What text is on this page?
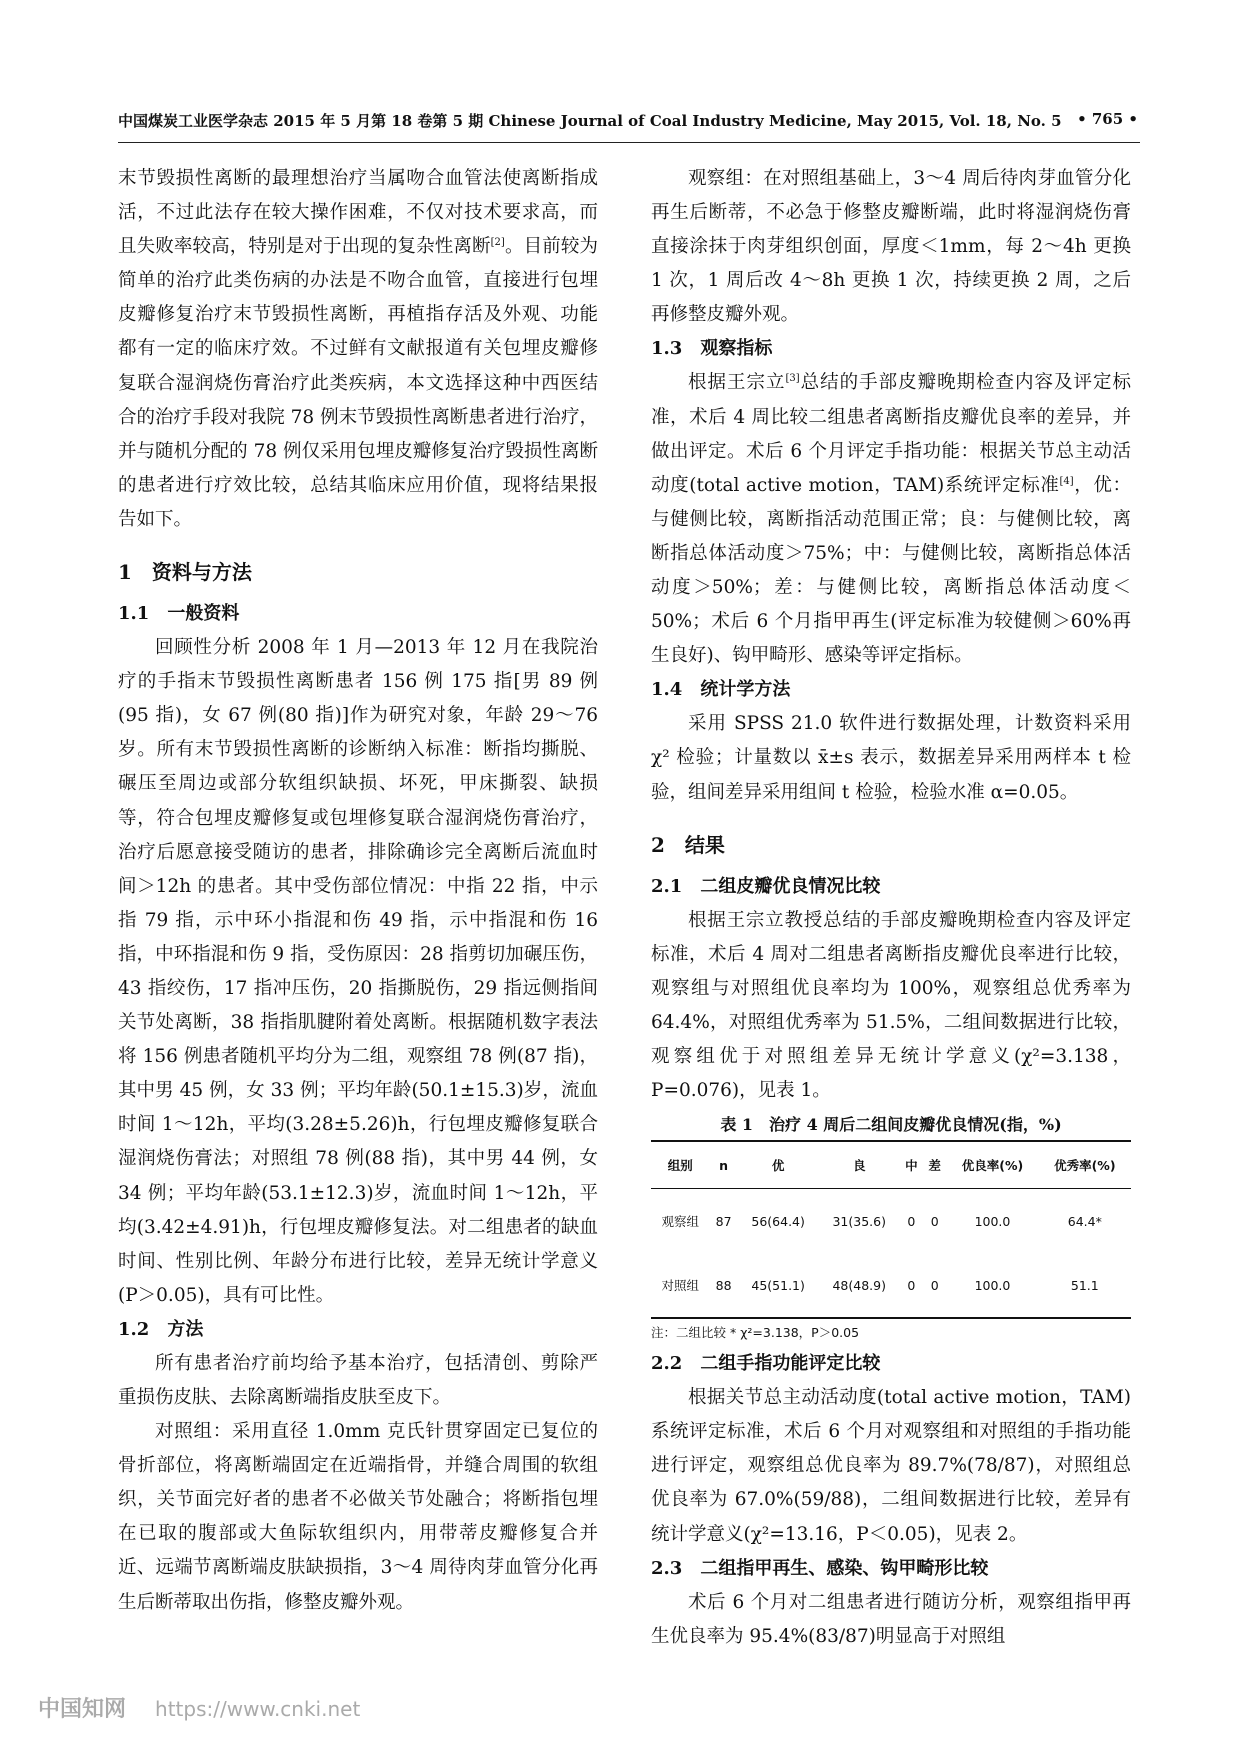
中国煤炭工业医学杂志 2015 年 5 月第 18 卷第 5 期 Chinese Journal of Coal Industry Medicine, May 2015, Vol. 18, No. 5 • 765 •

末节毁损性离断的最理想治疗当属吻合血管法使离断指成活，不过此法存在较大操作困难，不仅对技术要求高，而且失败率较高，特别是对于出现的复杂性离断[2]。目前较为简单的治疗此类伤病的办法是不吻合血管，直接进行包埋皮瓣修复治疗末节毁损性离断，再植指存活及外观、功能都有一定的临床疗效。不过鲜有文献报道有关包埋皮瓣修复联合湿润烧伤膏治疗此类疾病，本文选择这种中西医结合的治疗手段对我院 78 例末节毁损性离断患者进行治疗，并与随机分配的 78 例仅采用包埋皮瓣修复治疗毁损性离断的患者进行疗效比较，总结其临床应用价值，现将结果报告如下。

1　资料与方法
1.1　一般资料

回顾性分析 2008 年 1 月—2013 年 12 月在我院治疗的手指末节毁损性离断患者 156 例 175 指[男 89 例(95 指)，女 67 例(80 指)]作为研究对象，年龄 29～76 岁。所有末节毁损性离断的诊断纳入标准：断指均撕脱、碾压至周边或部分软组织缺损、坏死，甲床撕裂、缺损等，符合包埋皮瓣修复或包埋修复联合湿润烧伤膏治疗，治疗后愿意接受随访的患者，排除确诊完全离断后流血时间＞12h 的患者。其中受伤部位情况：中指 22 指，中示指 79 指，示中环小指混和伤 49 指，示中指混和伤 16 指，中环指混和伤 9 指，受伤原因：28 指剪切加碾压伤，43 指绞伤，17 指冲压伤，20 指撕脱伤，29 指远侧指间关节处离断，38 指指肌腱附着处离断。根据随机数字表法将 156 例患者随机平均分为二组，观察组 78 例(87 指)，其中男 45 例，女 33 例；平均年龄(50.1±15.3)岁，流血时间 1～12h，平均(3.28±5.26)h，行包埋皮瓣修复联合湿润烧伤膏法；对照组 78 例(88 指)，其中男 44 例，女 34 例；平均年龄(53.1±12.3)岁，流血时间 1～12h，平均(3.42±4.91)h，行包埋皮瓣修复法。对二组患者的缺血时间、性别比例、年龄分布进行比较，差异无统计学意义(P＞0.05)，具有可比性。

1.2　方法

所有患者治疗前均给予基本治疗，包括清创、剪除严重损伤皮肤、去除离断端指皮肤至皮下。

对照组：采用直径 1.0mm 克氏针贯穿固定已复位的骨折部位，将离断端固定在近端指骨，并缝合周围的软组织，关节面完好者的患者不必做关节处融合；将断指包埋在已取的腹部或大鱼际软组织内，用带蒂皮瓣修复合并近、远端节离断端皮肤缺损指，3～4 周待肉芽血管分化再生后断蒂取出伤指，修整皮瓣外观。

观察组：在对照组基础上，3～4 周后待肉芽血管分化再生后断蒂，不必急于修整皮瓣断端，此时将湿润烧伤膏直接涂抹于肉芽组织创面，厚度＜1mm，每 2～4h 更换 1 次，1 周后改 4～8h 更换 1 次，持续更换 2 周，之后再修整皮瓣外观。

1.3　观察指标

根据王宗立[3]总结的手部皮瓣晚期检查内容及评定标准，术后 4 周比较二组患者离断指皮瓣优良率的差异，并做出评定。术后 6 个月评定手指功能：根据关节总主动活动度(total active motion，TAM)系统评定标准[4]，优：与健侧比较，离断指活动范围正常；良：与健侧比较，离断指总体活动度＞75%；中：与健侧比较，离断指总体活动度＞50%；差：与健侧比较，离断指总体活动度＜50%；术后 6 个月指甲再生(评定标准为较健侧＞60%再生良好)、钩甲畸形、感染等评定指标。

1.4　统计学方法

采用 SPSS 21.0 软件进行数据处理，计数资料采用 χ² 检验；计量数以 x̄±s 表示，数据差异采用两样本 t 检验，组间差异采用组间 t 检验，检验水准 α=0.05。

2　结果
2.1　二组皮瓣优良情况比较

根据王宗立教授总结的手部皮瓣晚期检查内容及评定标准，术后 4 周对二组患者离断指皮瓣优良率进行比较，观察组与对照组优良率均为 100%，观察组总优秀率为 64.4%，对照组优秀率为 51.5%，二组间数据进行比较，观察组优于对照组差异无统计学意义(χ²=3.138，P=0.076)，见表 1。

表 1　治疗 4 周后二组间皮瓣优良情况(指，%)
组别	n	优	良	中	差	优良率(%)	优秀率(%)
观察组	87	56(64.4)	31(35.6)	0	0	100.0	64.4*
对照组	88	45(51.1)	48(48.9)	0	0	100.0	51.1
注：二组比较 * χ²=3.138，P＞0.05
2.2　二组手指功能评定比较

根据关节总主动活动度(total active motion，TAM)系统评定标准，术后 6 个月对观察组和对照组的手指功能进行评定，观察组总优良率为 89.7%(78/87)，对照组总优良率为 67.0%(59/88)，二组间数据进行比较，差异有统计学意义(χ²=13.16，P＜0.05)，见表 2。

2.3　二组指甲再生、感染、钩甲畸形比较

术后 6 个月对二组患者进行随访分析，观察组指甲再生优良率为 95.4%(83/87)明显高于对照组

中国知网 https://www.cnki.net
